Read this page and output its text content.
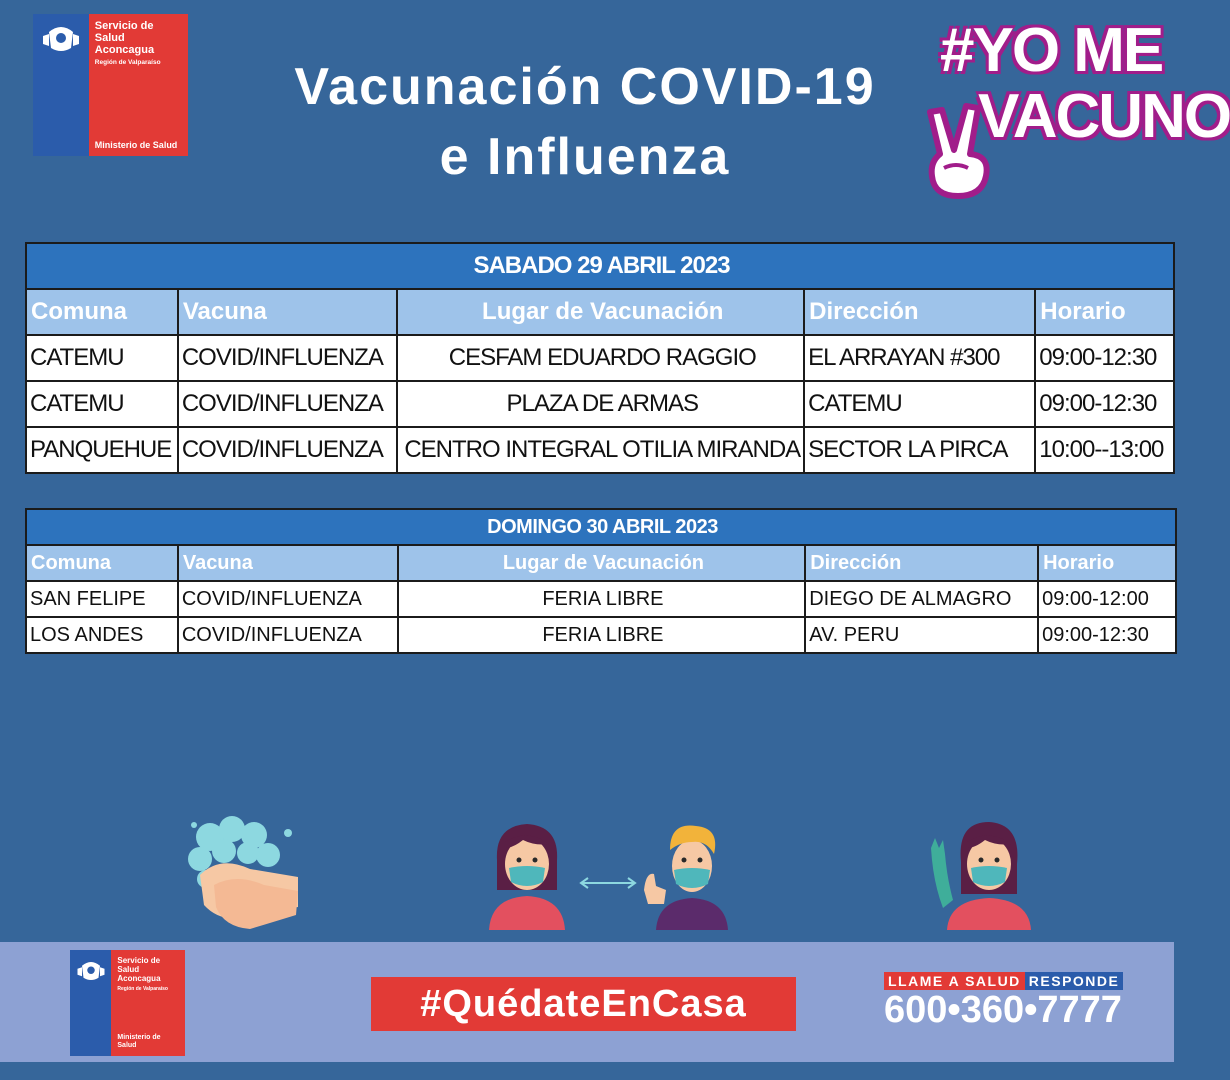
Servicio de Salud Aconcagua
Región de Valparaíso
Ministerio de Salud
Vacunación COVID-19
e Influenza
#YO ME
VACUNO
SABADO 29 ABRIL 2023				
Comuna	Vacuna	Lugar de Vacunación	Dirección	Horario
CATEMU	COVID/INFLUENZA	CESFAM EDUARDO RAGGIO	EL ARRAYAN #300	09:00-12:30
CATEMU	COVID/INFLUENZA	PLAZA DE ARMAS	CATEMU	09:00-12:30
PANQUEHUE	COVID/INFLUENZA	CENTRO INTEGRAL OTILIA MIRANDA	SECTOR LA PIRCA	10:00--13:00
DOMINGO 30 ABRIL 2023				
Comuna	Vacuna	Lugar de Vacunación	Dirección	Horario
SAN FELIPE	COVID/INFLUENZA	FERIA LIBRE	DIEGO DE ALMAGRO	09:00-12:00
LOS ANDES	COVID/INFLUENZA	FERIA LIBRE	AV. PERU	09:00-12:30
Servicio de Salud Aconcagua
Región de Valparaíso
Ministerio de Salud
#QuédateEnCasa
LLAME A SALUD RESPONDE
600•360•7777
